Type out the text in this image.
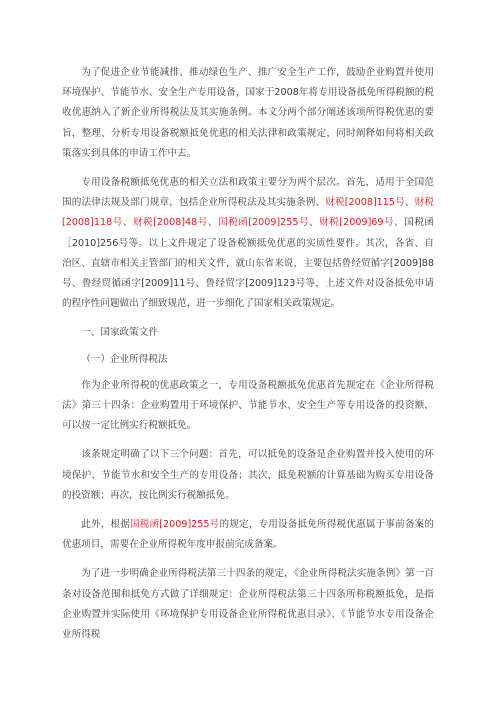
为了促进企业节能减排、推动绿色生产、推广安全生产工作，鼓励企业购置并使用环境保护、节能节水、安全生产专用设备，国家于2008年将专用设备抵免所得税额的税收优惠纳入了新企业所得税法及其实施条例。本文分两个部分阐述该项所得税优惠的要旨，整理、分析专用设备税额抵免优惠的相关法律和政策规定，同时阐释如何将相关政策落实到具体的申请工作中去。

专用设备税额抵免优惠的相关立法和政策主要分为两个层次。首先，适用于全国范围的法律法规及部门规章，包括企业所得税法及其实施条例、财税[2008]115号、财税[2008]118号、财税[2008]48号、国税函[2009]255号、财税[2009]69号、国税函［2010]256号等。以上文件规定了设备税额抵免优惠的实质性要件。其次，各省、自治区、直辖市相关主管部门的相关文件，就山东省来说，主要包括鲁经贸循字[2009]88号、鲁经贸循函字[2009]11号、鲁经贸字[2009]123号等，上述文件对设备抵免申请的程序性问题做出了细致规范，进一步细化了国家相关政策规定。

一、国家政策文件

（一）企业所得税法

作为企业所得税的优惠政策之一，专用设备税额抵免优惠首先规定在《企业所得税法》第三十四条：企业购置用于环境保护、节能节水、安全生产等专用设备的投资额，可以按一定比例实行税额抵免。

该条规定明确了以下三个问题：首先，可以抵免的设备是企业购置并投入使用的环境保护、节能节水和安全生产的专用设备；其次，抵免税额的计算基础为购买专用设备的投资额；再次，按比例实行税额抵免。

此外，根据国税函[2009]255号的规定，专用设备抵免所得税优惠属于事前备案的优惠项目，需要在企业所得税年度申报前完成备案。

为了进一步明确企业所得税法第三十四条的规定，《企业所得税法实施条例》第一百条对设备范围和抵免方式做了详细规定：企业所得税法第三十四条所称税额抵免，是指企业购置并实际使用《环境保护专用设备企业所得税优惠目录》、《节能节水专用设备企业所得税
